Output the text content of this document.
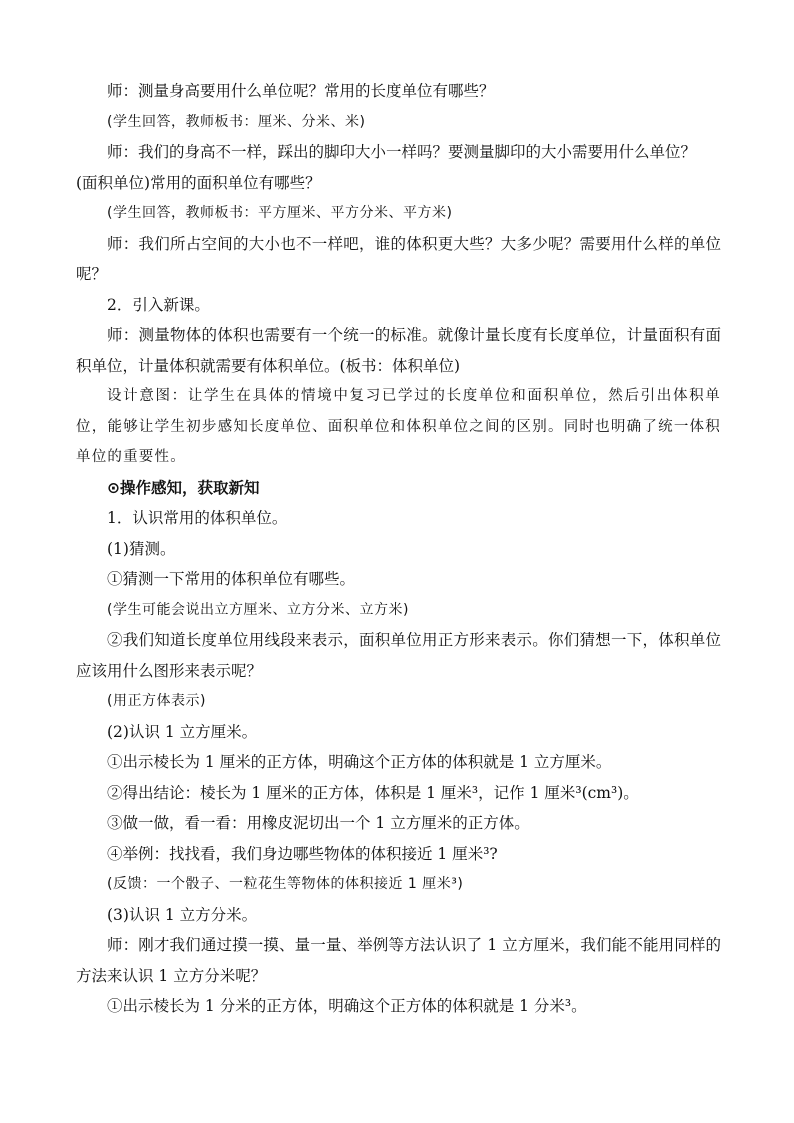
师：测量身高要用什么单位呢？常用的长度单位有哪些？

(学生回答，教师板书：厘米、分米、米)

师：我们的身高不一样，踩出的脚印大小一样吗？要测量脚印的大小需要用什么单位？

(面积单位)常用的面积单位有哪些？

(学生回答，教师板书：平方厘米、平方分米、平方米)

师：我们所占空间的大小也不一样吧，谁的体积更大些？大多少呢？需要用什么样的单位呢？

2．引入新课。

师：测量物体的体积也需要有一个统一的标准。就像计量长度有长度单位，计量面积有面积单位，计量体积就需要有体积单位。(板书：体积单位)

设计意图：让学生在具体的情境中复习已学过的长度单位和面积单位，然后引出体积单位，能够让学生初步感知长度单位、面积单位和体积单位之间的区别。同时也明确了统一体积单位的重要性。

⊙操作感知，获取新知

1．认识常用的体积单位。

(1)猜测。

①猜测一下常用的体积单位有哪些。

(学生可能会说出立方厘米、立方分米、立方米)

②我们知道长度单位用线段来表示，面积单位用正方形来表示。你们猜想一下，体积单位应该用什么图形来表示呢？

(用正方体表示)

(2)认识 1 立方厘米。

①出示棱长为 1 厘米的正方体，明确这个正方体的体积就是 1 立方厘米。

②得出结论：棱长为 1 厘米的正方体，体积是 1 厘米³，记作 1 厘米³(cm³)。

③做一做，看一看：用橡皮泥切出一个 1 立方厘米的正方体。

④举例：找找看，我们身边哪些物体的体积接近 1 厘米³?

(反馈：一个骰子、一粒花生等物体的体积接近 1 厘米³)

(3)认识 1 立方分米。

师：刚才我们通过摸一摸、量一量、举例等方法认识了 1 立方厘米，我们能不能用同样的方法来认识 1 立方分米呢？

①出示棱长为 1 分米的正方体，明确这个正方体的体积就是 1 分米³。
